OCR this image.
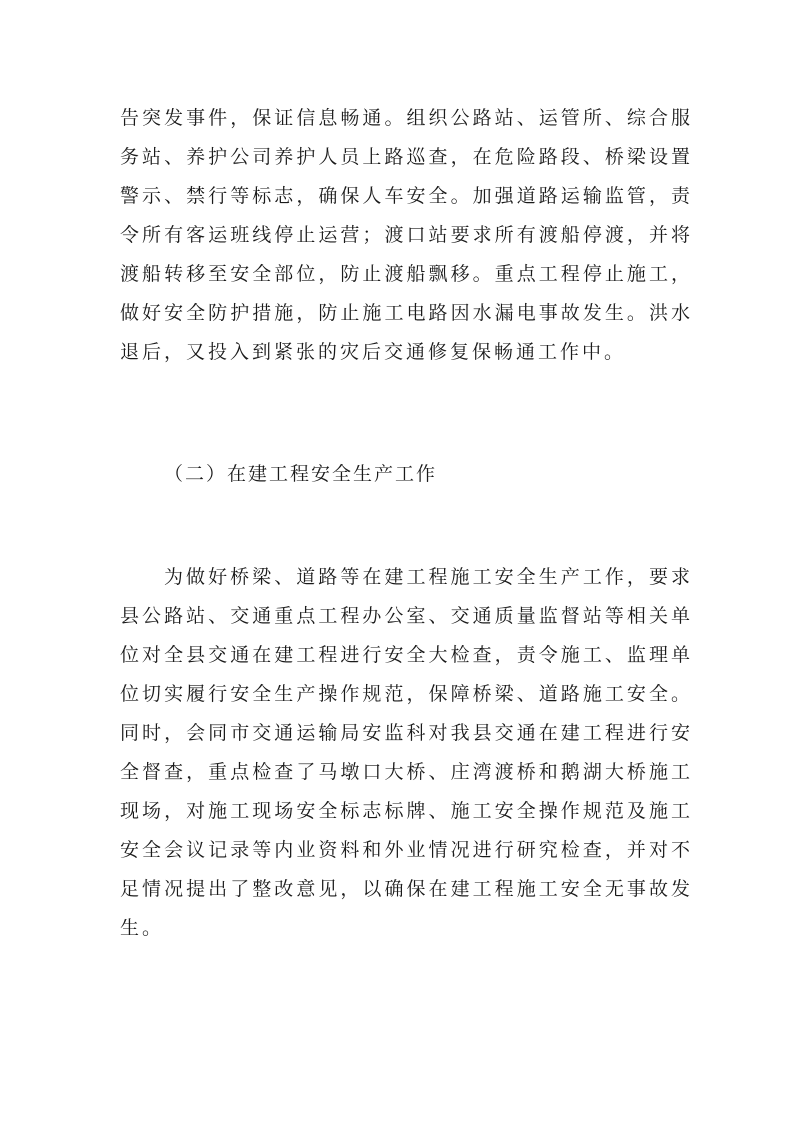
告突发事件，保证信息畅通。组织公路站、运管所、综合服
务站、养护公司养护人员上路巡查，在危险路段、桥梁设置
警示、禁行等标志，确保人车安全。加强道路运输监管，责
令所有客运班线停止运营；渡口站要求所有渡船停渡，并将
渡船转移至安全部位，防止渡船飘移。重点工程停止施工，
做好安全防护措施，防止施工电路因水漏电事故发生。洪水
退后，又投入到紧张的灾后交通修复保畅通工作中。
（二）在建工程安全生产工作
为做好桥梁、道路等在建工程施工安全生产工作，要求
县公路站、交通重点工程办公室、交通质量监督站等相关单
位对全县交通在建工程进行安全大检查，责令施工、监理单
位切实履行安全生产操作规范，保障桥梁、道路施工安全。
同时，会同市交通运输局安监科对我县交通在建工程进行安
全督查，重点检查了马墩口大桥、庄湾渡桥和鹅湖大桥施工
现场，对施工现场安全标志标牌、施工安全操作规范及施工
安全会议记录等内业资料和外业情况进行研究检查，并对不
足情况提出了整改意见，以确保在建工程施工安全无事故发
生。
